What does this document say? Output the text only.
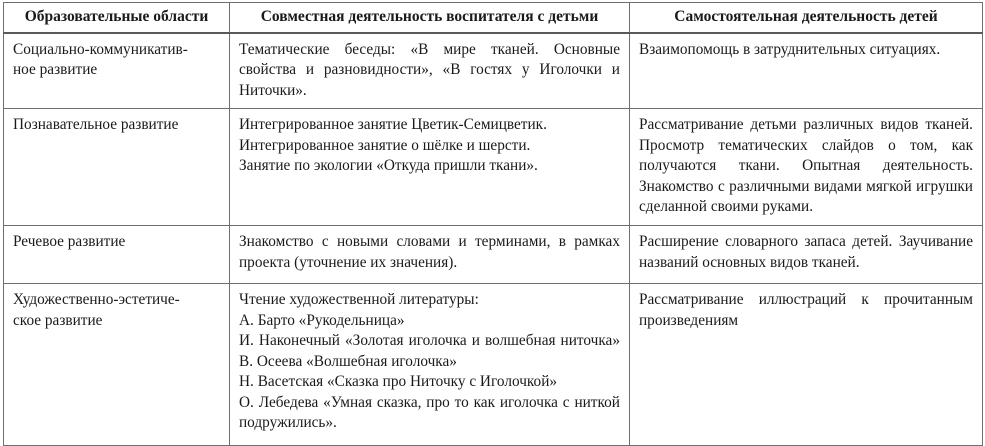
Образовательные области	Совместная деятельность воспитателя с детьми	Самостоятельная деятельность детей

Социально-коммуникатив-
ное развитие	Тематические беседы: «В мире тканей. Основные свойства и разновидности», «В гостях у Иголочки и Ниточки».	Взаимопомощь в затруднительных ситуациях.
Познавательное развитие	Интегрированное занятие Цветик-Семицветик.
Интегрированное занятие о шёлке и шерсти.
Занятие по экологии «Откуда пришли ткани».	Рассматривание детьми различных видов тканей. Просмотр тематических слайдов о том, как получаются ткани. Опытная деятельность. Знакомство с различными видами мягкой игрушки сделанной своими руками.
Речевое развитие	Знакомство с новыми словами и терминами, в рамках проекта (уточнение их значения).	Расширение словарного запаса детей. Заучивание названий основных видов тканей.

Художественно-эстетиче-
ское развитие	Чтение художественной литературы:
А. Барто «Рукодельница»
И. Наконечный «Золотая иголочка и волшебная ниточка» В. Осеева «Волшебная иголочка»
Н. Васетская «Сказка про Ниточку с Иголочкой»
О. Лебедева «Умная сказка, про то как иголочка с ниткой подружились».	Рассматривание иллюстраций к прочитанным произведениям
